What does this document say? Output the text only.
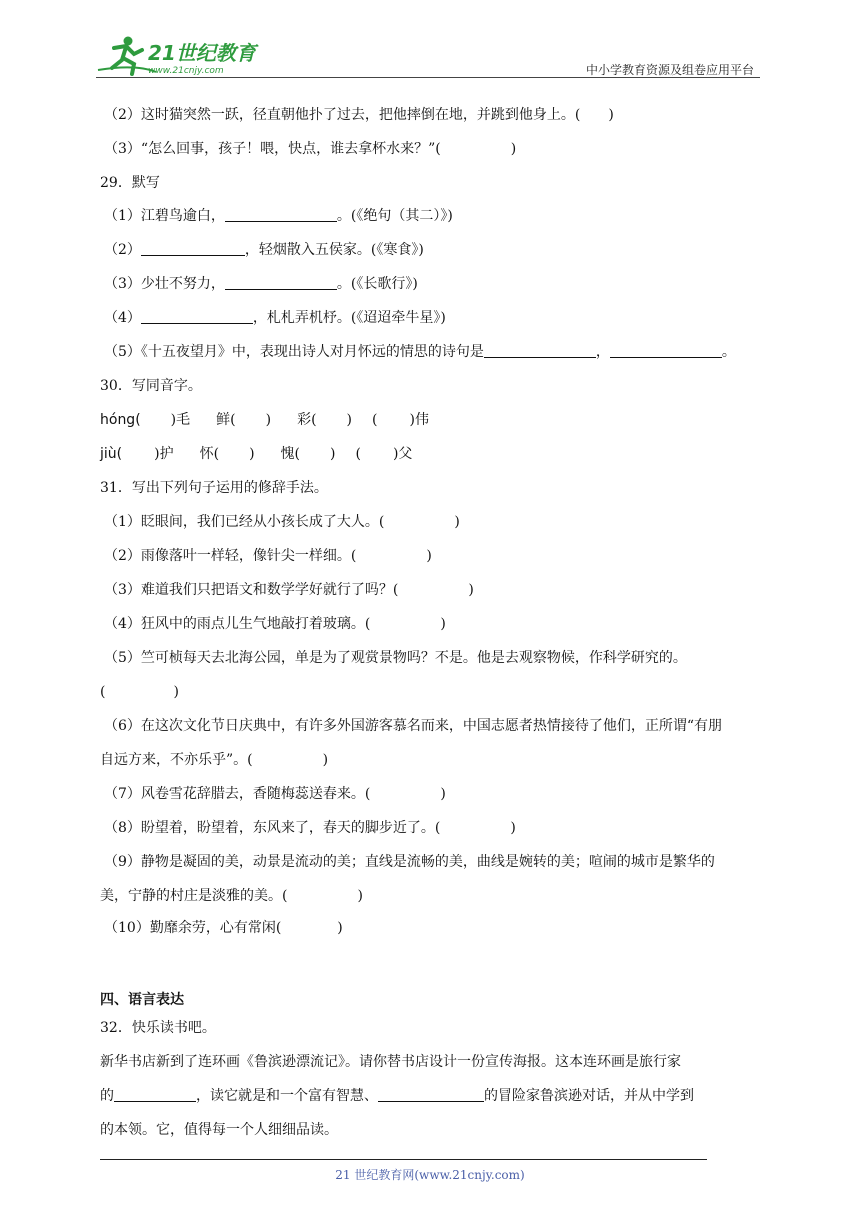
21世纪教育
www.21cnjy.com	中小学教育资源及组卷应用平台
（2）这时猫突然一跃，径直朝他扑了过去，把他摔倒在地，并跳到他身上。( )
（3）“怎么回事，孩子！喂，快点，谁去拿杯水来？”(	)
29．默写
（1）江碧鸟逾白，	。(《绝句（其二）》)
（2）	，轻烟散入五侯家。(《寒食》)
（3）少壮不努力，	。(《长歌行》)
（4）	，札札弄机杼。(《迢迢牵牛星》)
（5）《十五夜望月》中，表现出诗人对月怀远的情思的诗句是	，	。
30．写同音字。
hóng( )毛 鲜( ) 彩( ) ( )伟
jiù( )护 怀( ) 愧( ) ( )父
31．写出下列句子运用的修辞手法。
（1）眨眼间，我们已经从小孩长成了大人。(	)
（2）雨像落叶一样轻，像针尖一样细。(	)
（3）难道我们只把语文和数学学好就行了吗？(	)
（4）狂风中的雨点儿生气地敲打着玻璃。(	)
（5）竺可桢每天去北海公园，单是为了观赏景物吗？不是。他是去观察物候，作科学研究的。
(	)
（6）在这次文化节日庆典中，有许多外国游客慕名而来，中国志愿者热情接待了他们，正所谓“有朋
自远方来，不亦乐乎”。(	)
（7）风卷雪花辞腊去，香随梅蕊送春来。(	)
（8）盼望着，盼望着，东风来了，春天的脚步近了。(	)
（9）静物是凝固的美，动景是流动的美；直线是流畅的美，曲线是婉转的美；喧闹的城市是繁华的
美，宁静的村庄是淡雅的美。(	)
（10）勤靡余劳，心有常闲(	)
四、语言表达
32．快乐读书吧。
新华书店新到了连环画《鲁滨逊漂流记》。请你替书店设计一份宣传海报。这本连环画是旅行家
的	，读它就是和一个富有智慧、	的冒险家鲁滨逊对话，并从中学到
的本领。它，值得每一个人细细品读。
21 世纪教育网(www.21cnjy.com)
